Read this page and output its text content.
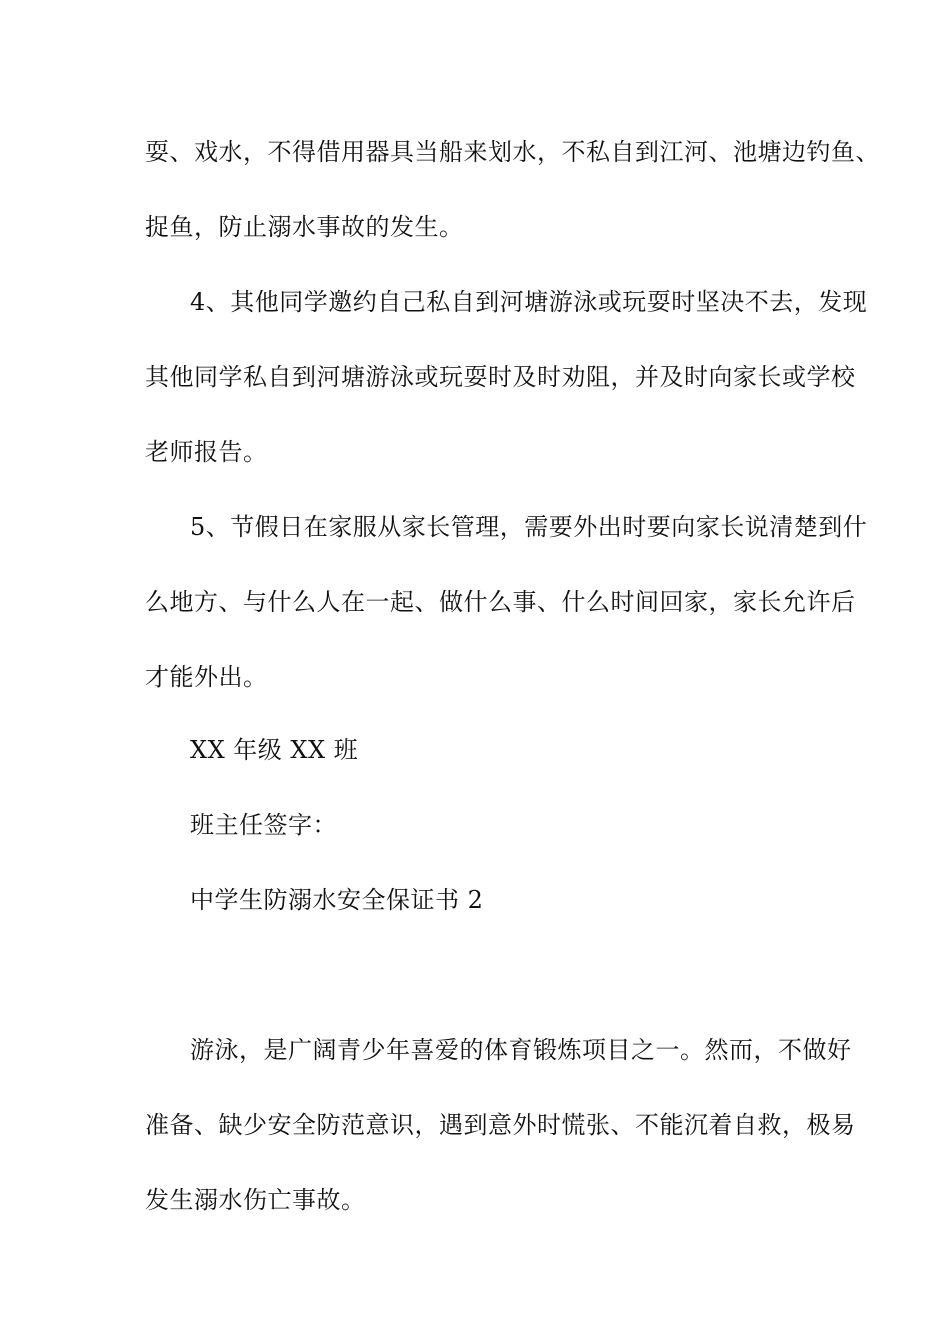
耍、戏水，不得借用器具当船来划水，不私自到江河、池塘边钓鱼、
捉鱼，防止溺水事故的发生。
4、其他同学邀约自己私自到河塘游泳或玩耍时坚决不去，发现
其他同学私自到河塘游泳或玩耍时及时劝阻，并及时向家长或学校
老师报告。
5、节假日在家服从家长管理，需要外出时要向家长说清楚到什
么地方、与什么人在一起、做什么事、什么时间回家，家长允许后
才能外出。
XX 年级 XX 班
班主任签字：
中学生防溺水安全保证书 2
游泳，是广阔青少年喜爱的体育锻炼项目之一。然而，不做好
准备、缺少安全防范意识，遇到意外时慌张、不能沉着自救，极易
发生溺水伤亡事故。
